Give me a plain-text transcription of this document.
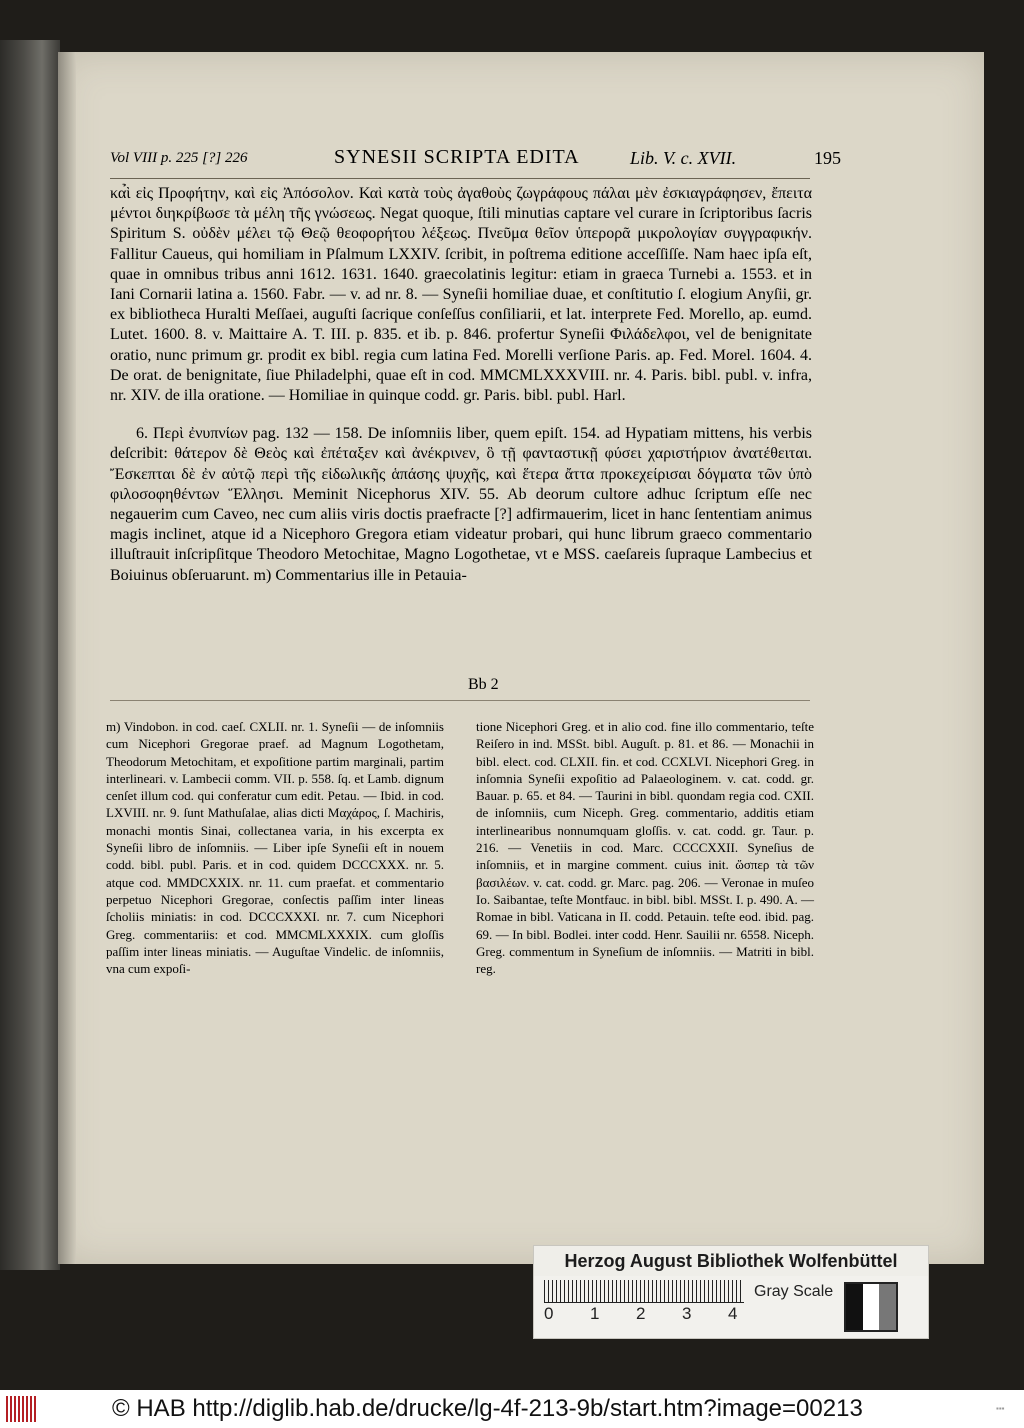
Vol VIII p. 225 [?] 226	SYNESII SCRIPTA EDITA	Lib. V. c. XVII.	195

κα̉ὶ εἰς Προφήτην, καὶ εἰς Ἀπόσολον. Καὶ κατὰ τοὺς ἀγαθοὺς ζωγράφους πάλαι μὲν ἐσκιαγράφησεν, ἔπειτα μέντοι διηκρίβωσε τὰ μέλη τῆς γνώσεως. Negat quoque, ſtili minutias captare vel curare in ſcriptoribus ſacris Spiritum S. οὐδὲν μέλει τῷ Θεῷ θεοφορήτου λέξεως. Πνεῦμα θεῖον ὑπερορᾶ μικρολογίαν συγγραφικήν. Fallitur Caueus, qui homiliam in Pſalmum LXXIV. ſcribit, in poſtrema editione acceſſiſſe. Nam haec ipſa eſt, quae in omnibus tribus anni 1612. 1631. 1640. graecolatinis legitur: etiam in graeca Turnebi a. 1553. et in Iani Cornarii latina a. 1560. Fabr. — v. ad nr. 8. — Syneſii homiliae duae, et conſtitutio ſ. elogium Anyſii, gr. ex bibliotheca Huralti Meſſaei, auguſti ſacrique conſeſſus conſiliarii, et lat. interprete Fed. Morello, ap. eumd. Lutet. 1600. 8. v. Maittaire A. T. III. p. 835. et ib. p. 846. profertur Syneſii Φιλάδελφοι, vel de benignitate oratio, nunc primum gr. prodit ex bibl. regia cum latina Fed. Morelli verſione Paris. ap. Fed. Morel. 1604. 4. De orat. de benignitate, ſiue Philadelphi, quae eſt in cod. MMCMLXXXVIII. nr. 4. Paris. bibl. publ. v. infra, nr. XIV. de illa oratione. — Homiliae in quinque codd. gr. Paris. bibl. publ. Harl.

6. Περὶ ἐνυπνίων pag. 132 — 158. De inſomniis liber, quem epiſt. 154. ad Hypatiam mittens, his verbis deſcribit: θάτερον δὲ Θεὸς καὶ ἐπέταξεν καὶ ἀνέκρινεν, ὃ τῇ φανταστικῇ φύσει χαριστήριον ἀνατέθειται. Ἔσκεπται δὲ ἐν αὐτῷ περὶ τῆς εἰδωλικῆς ἁπάσης ψυχῆς, καὶ ἕτερα ἄττα προκεχείρισαι δόγματα τῶν ὑπὸ φιλοσοφηθέντων Ἕλλησι. Meminit Nicephorus XIV. 55. Ab deorum cultore adhuc ſcriptum eſſe nec negauerim cum Caveo, nec cum aliis viris doctis praefracte [?] adfirmauerim, licet in hanc ſententiam animus magis inclinet, atque id a Nicephoro Gregora etiam videatur probari, qui hunc librum graeco commentario illuſtrauit inſcripſitque Theodoro Metochitae, Magno Logothetae, vt e MSS. caeſareis ſupraque Lambecius et Boiuinus obſeruarunt. m) Commentarius ille in Petauia-

Bb 2

m) Vindobon. in cod. caeſ. CXLII. nr. 1. Syneſii — de inſomniis cum Nicephori Gregorae praef. ad Magnum Logothetam, Theodorum Metochitam, et expoſitione partim marginali, partim interlineari. v. Lambecii comm. VII. p. 558. ſq. et Lamb. dignum cenſet illum cod. qui conferatur cum edit. Petau. — Ibid. in cod. LXVIII. nr. 9. ſunt Mathuſalae, alias dicti Μαχάρος, ſ. Machiris, monachi montis Sinai, collectanea varia, in his excerpta ex Syneſii libro de inſomniis. — Liber ipſe Syneſii eſt in nouem codd. bibl. publ. Paris. et in cod. quidem DCCCXXX. nr. 5. atque cod. MMDCXXIX. nr. 11. cum praefat. et commentario perpetuo Nicephori Gregorae, conſectis paſſim inter lineas ſcholiis miniatis: in cod. DCCCXXXI. nr. 7. cum Nicephori Greg. commentariis: et cod. MMCMLXXXIX. cum gloſſis paſſim inter lineas miniatis. — Auguſtae Vindelic. de inſomniis, vna cum expoſi-

tione Nicephori Greg. et in alio cod. fine illo commentario, teſte Reiſero in ind. MSSt. bibl. Auguſt. p. 81. et 86. — Monachii in bibl. elect. cod. CLXII. fin. et cod. CCXLVI. Nicephori Greg. in inſomnia Syneſii expoſitio ad Palaeologinem. v. cat. codd. gr. Bauar. p. 65. et 84. — Taurini in bibl. quondam regia cod. CXII. de inſomniis, cum Niceph. Greg. commentario, additis etiam interlinearibus nonnumquam gloſſis. v. cat. codd. gr. Taur. p. 216. — Venetiis in cod. Marc. CCCCXXII. Syneſius de inſomniis, et in margine comment. cuius init. ὥσπερ τὰ τῶν βασιλέων. v. cat. codd. gr. Marc. pag. 206. — Veronae in muſeo Io. Saibantae, teſte Montfauc. in bibl. bibl. MSSt. I. p. 490. A. — Romae in bibl. Vaticana in II. codd. Petauin. teſte eod. ibid. pag. 69. — In bibl. Bodlei. inter codd. Henr. Sauilii nr. 6558. Niceph. Greg. commentum in Syneſium de inſomniis. — Matriti in bibl. reg.

Herzog August Bibliothek Wolfenbüttel
0 1 2 3 4
Gray Scale
© HAB http://diglib.hab.de/drucke/lg-4f-213-9b/start.htm?image=00213	▪▪▪
